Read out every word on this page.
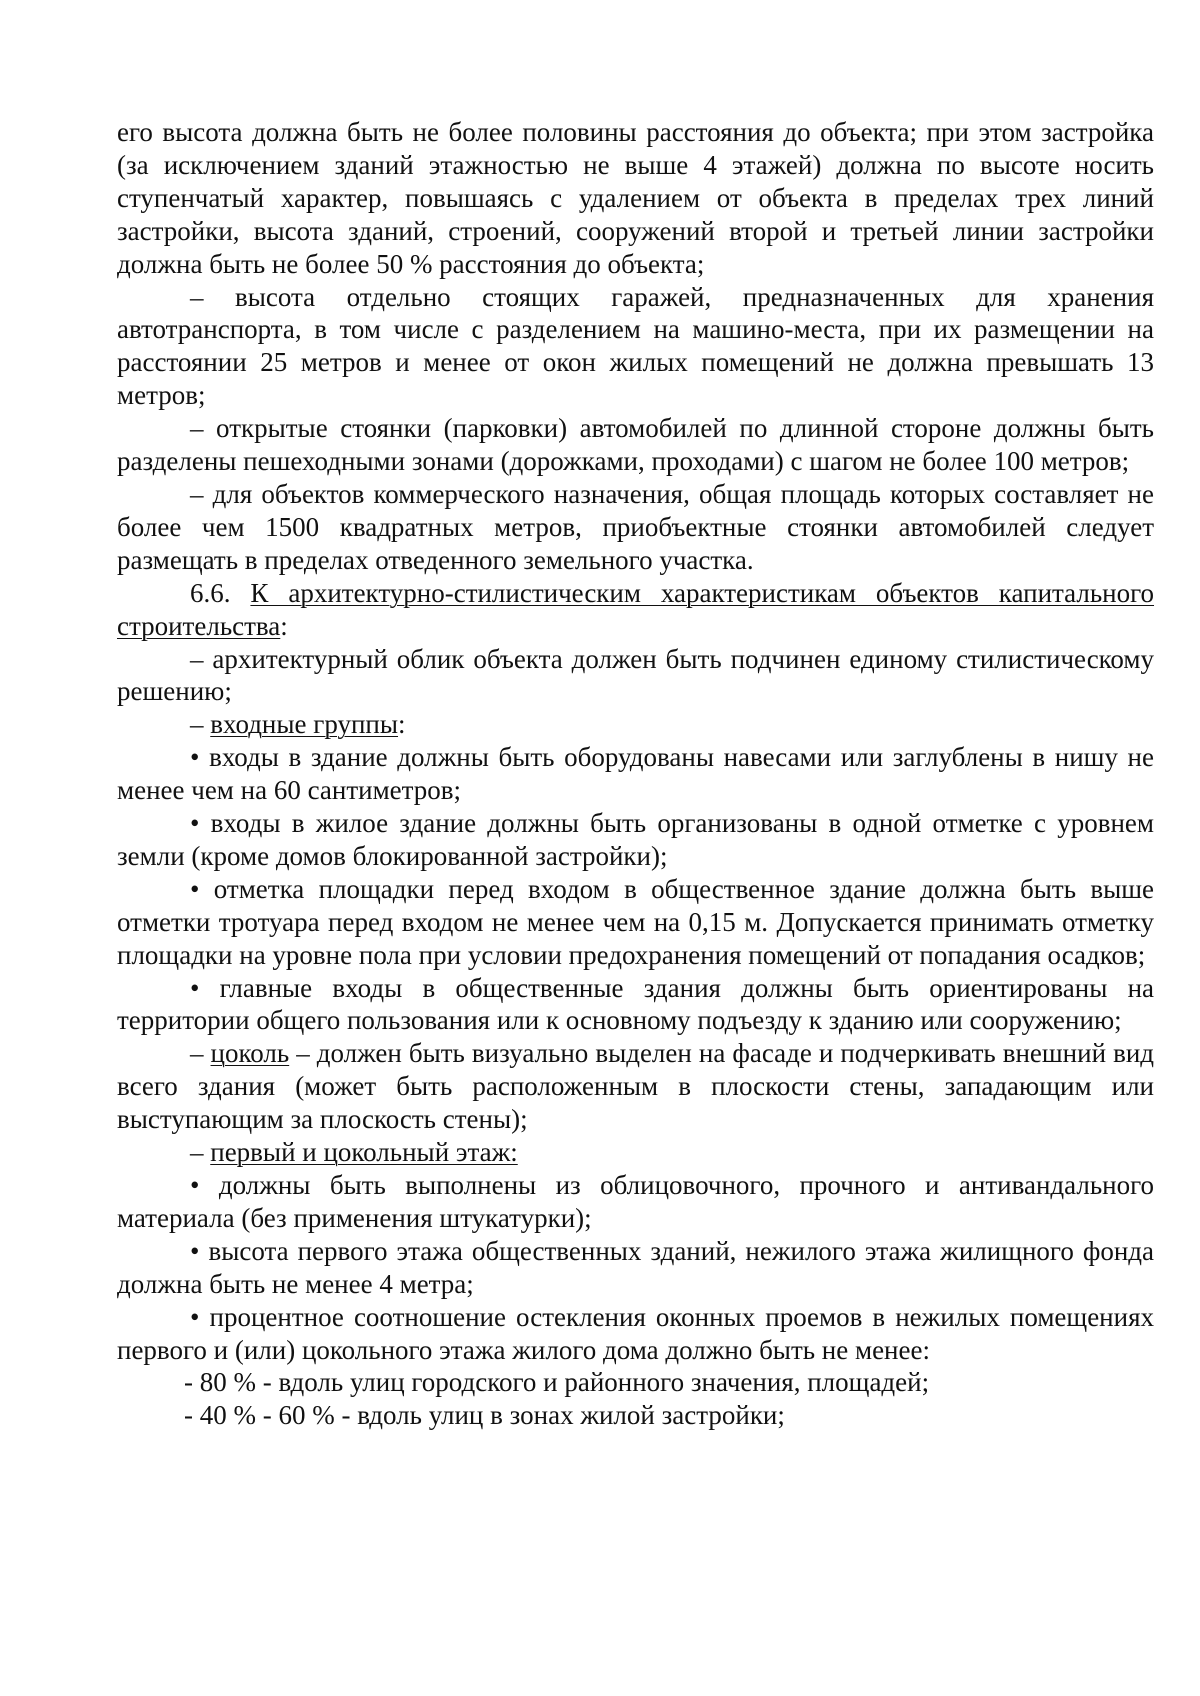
его высота должна быть не более половины расстояния до объекта; при этом застройка (за исключением зданий этажностью не выше 4 этажей) должна по высоте носить ступенчатый характер, повышаясь с удалением от объекта в пределах трех линий застройки, высота зданий, строений, сооружений второй и третьей линии застройки должна быть не более 50 % расстояния до объекта;

– высота отдельно стоящих гаражей, предназначенных для хранения автотранспорта, в том числе с разделением на машино-места, при их размещении на расстоянии 25 метров и менее от окон жилых помещений не должна превышать 13 метров;

– открытые стоянки (парковки) автомобилей по длинной стороне должны быть разделены пешеходными зонами (дорожками, проходами) с шагом не более 100 метров;

– для объектов коммерческого назначения, общая площадь которых составляет не более чем 1500 квадратных метров, приобъектные стоянки автомобилей следует размещать в пределах отведенного земельного участка.

6.6. К архитектурно-стилистическим характеристикам объектов капитального строительства:

– архитектурный облик объекта должен быть подчинен единому стилистическому решению;

– входные группы:

• входы в здание должны быть оборудованы навесами или заглублены в нишу не менее чем на 60 сантиметров;

• входы в жилое здание должны быть организованы в одной отметке с уровнем земли (кроме домов блокированной застройки);

• отметка площадки перед входом в общественное здание должна быть выше отметки тротуара перед входом не менее чем на 0,15 м. Допускается принимать отметку площадки на уровне пола при условии предохранения помещений от попадания осадков;

• главные входы в общественные здания должны быть ориентированы на территории общего пользования или к основному подъезду к зданию или сооружению;

– цоколь – должен быть визуально выделен на фасаде и подчеркивать внешний вид всего здания (может быть расположенным в плоскости стены, западающим или выступающим за плоскость стены);

– первый и цокольный этаж:

• должны быть выполнены из облицовочного, прочного и антивандального материала (без применения штукатурки);

• высота первого этажа общественных зданий, нежилого этажа жилищного фонда должна быть не менее 4 метра;

• процентное соотношение остекления оконных проемов в нежилых помещениях первого и (или) цокольного этажа жилого дома должно быть не менее:

- 80 % - вдоль улиц городского и районного значения, площадей;

- 40 % - 60 % - вдоль улиц в зонах жилой застройки;
